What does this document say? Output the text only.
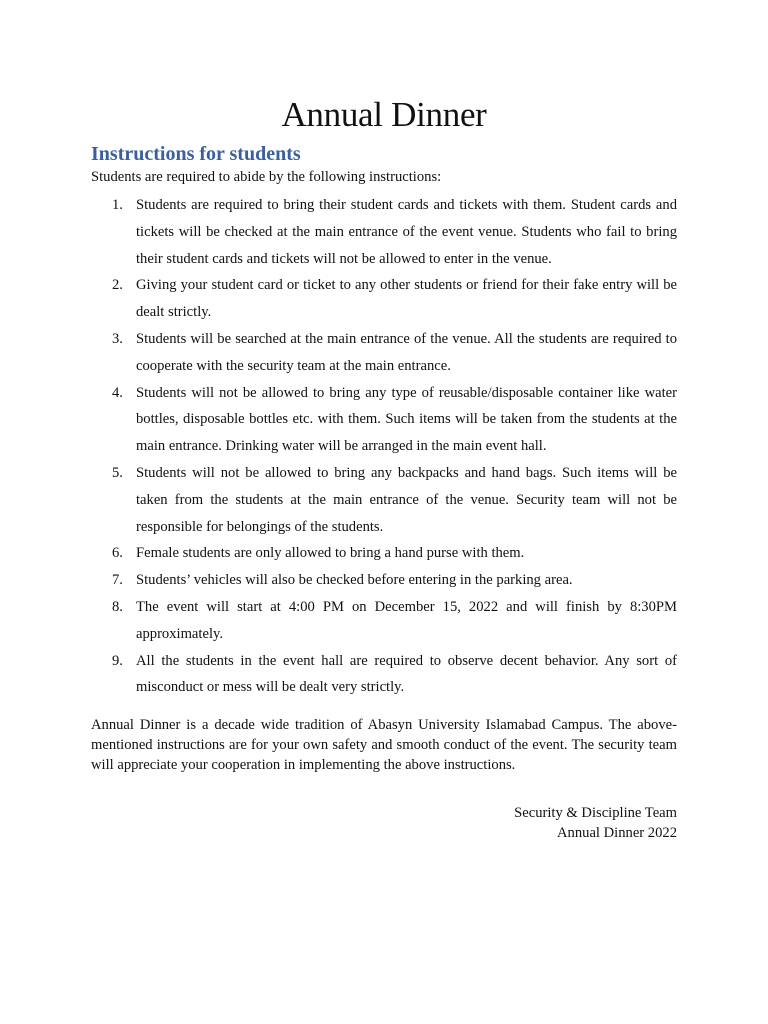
Annual Dinner
Instructions for students

Students are required to abide by the following instructions:

1. Students are required to bring their student cards and tickets with them. Student cards and tickets will be checked at the main entrance of the event venue. Students who fail to bring their student cards and tickets will not be allowed to enter in the venue.
2. Giving your student card or ticket to any other students or friend for their fake entry will be dealt strictly.
3. Students will be searched at the main entrance of the venue. All the students are required to cooperate with the security team at the main entrance.
4. Students will not be allowed to bring any type of reusable/disposable container like water bottles, disposable bottles etc. with them. Such items will be taken from the students at the main entrance. Drinking water will be arranged in the main event hall.
5. Students will not be allowed to bring any backpacks and hand bags. Such items will be taken from the students at the main entrance of the venue. Security team will not be responsible for belongings of the students.
6. Female students are only allowed to bring a hand purse with them.
7. Students’ vehicles will also be checked before entering in the parking area.
8. The event will start at 4:00 PM on December 15, 2022 and will finish by 8:30PM approximately.
9. All the students in the event hall are required to observe decent behavior. Any sort of misconduct or mess will be dealt very strictly.

Annual Dinner is a decade wide tradition of Abasyn University Islamabad Campus. The above-mentioned instructions are for your own safety and smooth conduct of the event. The security team will appreciate your cooperation in implementing the above instructions.

Security & Discipline Team
Annual Dinner 2022
